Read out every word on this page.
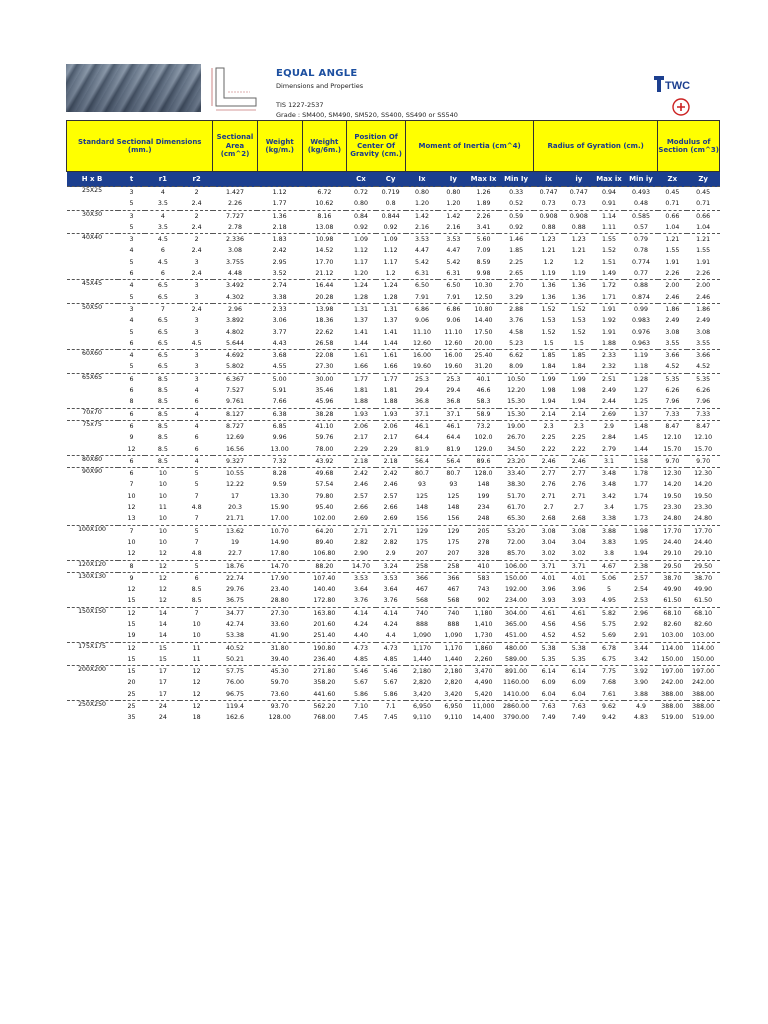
EQUAL ANGLE
Dimensions and Properties
TIS 1227-2537
Grade : SM400, SM490, SM520, SS400, SS490 or SS540
TWC
Standard Sectional Dimensions (mm.)				Sectional Area (cm^2)	Weight (kg/m.)	Weight (kg/6m.)	Position Of Center Of Gravity (cm.)		Moment of Inertia (cm^4)				Radius of Gyration (cm.)				Modulus of Section (cm^3)	
H x B	t	r1	r2				Cx	Cy	Ix	Iy	Max Ix	Min Iy	ix	iy	Max ix	Min iy	Zx	Zy
25X25	3	4	2	1.427	1.12	6.72	0.72	0.719	0.80	0.80	1.26	0.33	0.747	0.747	0.94	0.493	0.45	0.45
	5	3.5	2.4	2.26	1.77	10.62	0.80	0.8	1.20	1.20	1.89	0.52	0.73	0.73	0.91	0.48	0.71	0.71
30X30	3	4	2	7.727	1.36	8.16	0.84	0.844	1.42	1.42	2.26	0.59	0.908	0.908	1.14	0.585	0.66	0.66
	5	3.5	2.4	2.78	2.18	13.08	0.92	0.92	2.16	2.16	3.41	0.92	0.88	0.88	1.11	0.57	1.04	1.04
40X40	3	4.5	2	2.336	1.83	10.98	1.09	1.09	3.53	3.53	5.60	1.46	1.23	1.23	1.55	0.79	1.21	1.21
	4	6	2.4	3.08	2.42	14.52	1.12	1.12	4.47	4.47	7.09	1.85	1.21	1.21	1.52	0.78	1.55	1.55
	5	4.5	3	3.755	2.95	17.70	1.17	1.17	5.42	5.42	8.59	2.25	1.2	1.2	1.51	0.774	1.91	1.91
	6	6	2.4	4.48	3.52	21.12	1.20	1.2	6.31	6.31	9.98	2.65	1.19	1.19	1.49	0.77	2.26	2.26
45X45	4	6.5	3	3.492	2.74	16.44	1.24	1.24	6.50	6.50	10.30	2.70	1.36	1.36	1.72	0.88	2.00	2.00
	5	6.5	3	4.302	3.38	20.28	1.28	1.28	7.91	7.91	12.50	3.29	1.36	1.36	1.71	0.874	2.46	2.46
50X50	3	7	2.4	2.96	2.33	13.98	1.31	1.31	6.86	6.86	10.80	2.88	1.52	1.52	1.91	0.99	1.86	1.86
	4	6.5	3	3.892	3.06	18.36	1.37	1.37	9.06	9.06	14.40	3.76	1.53	1.53	1.92	0.983	2.49	2.49
	5	6.5	3	4.802	3.77	22.62	1.41	1.41	11.10	11.10	17.50	4.58	1.52	1.52	1.91	0.976	3.08	3.08
	6	6.5	4.5	5.644	4.43	26.58	1.44	1.44	12.60	12.60	20.00	5.23	1.5	1.5	1.88	0.963	3.55	3.55
60X60	4	6.5	3	4.692	3.68	22.08	1.61	1.61	16.00	16.00	25.40	6.62	1.85	1.85	2.33	1.19	3.66	3.66
	5	6.5	3	5.802	4.55	27.30	1.66	1.66	19.60	19.60	31.20	8.09	1.84	1.84	2.32	1.18	4.52	4.52
65X65	6	8.5	3	6.367	5.00	30.00	1.77	1.77	25.3	25.3	40.1	10.50	1.99	1.99	2.51	1.28	5.35	5.35
	6	8.5	4	7.527	5.91	35.46	1.81	1.81	29.4	29.4	46.6	12.20	1.98	1.98	2.49	1.27	6.26	6.26
	8	8.5	6	9.761	7.66	45.96	1.88	1.88	36.8	36.8	58.3	15.30	1.94	1.94	2.44	1.25	7.96	7.96
70x70	6	8.5	4	8.127	6.38	38.28	1.93	1.93	37.1	37.1	58.9	15.30	2.14	2.14	2.69	1.37	7.33	7.33
75x75	6	8.5	4	8.727	6.85	41.10	2.06	2.06	46.1	46.1	73.2	19.00	2.3	2.3	2.9	1.48	8.47	8.47
	9	8.5	6	12.69	9.96	59.76	2.17	2.17	64.4	64.4	102.0	26.70	2.25	2.25	2.84	1.45	12.10	12.10
	12	8.5	6	16.56	13.00	78.00	2.29	2.29	81.9	81.9	129.0	34.50	2.22	2.22	2.79	1.44	15.70	15.70
80X80	6	8.5	4	9.327	7.32	43.92	2.18	2.18	56.4	56.4	89.6	23.20	2.46	2.46	3.1	1.58	9.70	9.70
90X90	6	10	5	10.55	8.28	49.68	2.42	2.42	80.7	80.7	128.0	33.40	2.77	2.77	3.48	1.78	12.30	12.30
	7	10	5	12.22	9.59	57.54	2.46	2.46	93	93	148	38.30	2.76	2.76	3.48	1.77	14.20	14.20
	10	10	7	17	13.30	79.80	2.57	2.57	125	125	199	51.70	2.71	2.71	3.42	1.74	19.50	19.50
	12	11	4.8	20.3	15.90	95.40	2.66	2.66	148	148	234	61.70	2.7	2.7	3.4	1.75	23.30	23.30
	13	10	7	21.71	17.00	102.00	2.69	2.69	156	156	248	65.30	2.68	2.68	3.38	1.73	24.80	24.80
100X100	7	10	5	13.62	10.70	64.20	2.71	2.71	129	129	205	53.20	3.08	3.08	3.88	1.98	17.70	17.70
	10	10	7	19	14.90	89.40	2.82	2.82	175	175	278	72.00	3.04	3.04	3.83	1.95	24.40	24.40
	12	12	4.8	22.7	17.80	106.80	2.90	2.9	207	207	328	85.70	3.02	3.02	3.8	1.94	29.10	29.10
120X120	8	12	5	18.76	14.70	88.20	14.70	3.24	258	258	410	106.00	3.71	3.71	4.67	2.38	29.50	29.50
130X130	9	12	6	22.74	17.90	107.40	3.53	3.53	366	366	583	150.00	4.01	4.01	5.06	2.57	38.70	38.70
	12	12	8.5	29.76	23.40	140.40	3.64	3.64	467	467	743	192.00	3.96	3.96	5	2.54	49.90	49.90
	15	12	8.5	36.75	28.80	172.80	3.76	3.76	568	568	902	234.00	3.93	3.93	4.95	2.53	61.50	61.50
150X150	12	14	7	34.77	27.30	163.80	4.14	4.14	740	740	1,180	304.00	4.61	4.61	5.82	2.96	68.10	68.10
	15	14	10	42.74	33.60	201.60	4.24	4.24	888	888	1,410	365.00	4.56	4.56	5.75	2.92	82.60	82.60
	19	14	10	53.38	41.90	251.40	4.40	4.4	1,090	1,090	1,730	451.00	4.52	4.52	5.69	2.91	103.00	103.00
175X175	12	15	11	40.52	31.80	190.80	4.73	4.73	1,170	1,170	1,860	480.00	5.38	5.38	6.78	3.44	114.00	114.00
	15	15	11	50.21	39.40	236.40	4.85	4.85	1,440	1,440	2,260	589.00	5.35	5.35	6.75	3.42	150.00	150.00
200X200	15	17	12	57.75	45.30	271.80	5.46	5.46	2,180	2,180	3,470	891.00	6.14	6.14	7.75	3.92	197.00	197.00
	20	17	12	76.00	59.70	358.20	5.67	5.67	2,820	2,820	4,490	1160.00	6.09	6.09	7.68	3.90	242.00	242.00
	25	17	12	96.75	73.60	441.60	5.86	5.86	3,420	3,420	5,420	1410.00	6.04	6.04	7.61	3.88	388.00	388.00
250X250	25	24	12	119.4	93.70	562.20	7.10	7.1	6,950	6,950	11,000	2860.00	7.63	7.63	9.62	4.9	388.00	388.00
	35	24	18	162.6	128.00	768.00	7.45	7.45	9,110	9,110	14,400	3790.00	7.49	7.49	9.42	4.83	519.00	519.00
